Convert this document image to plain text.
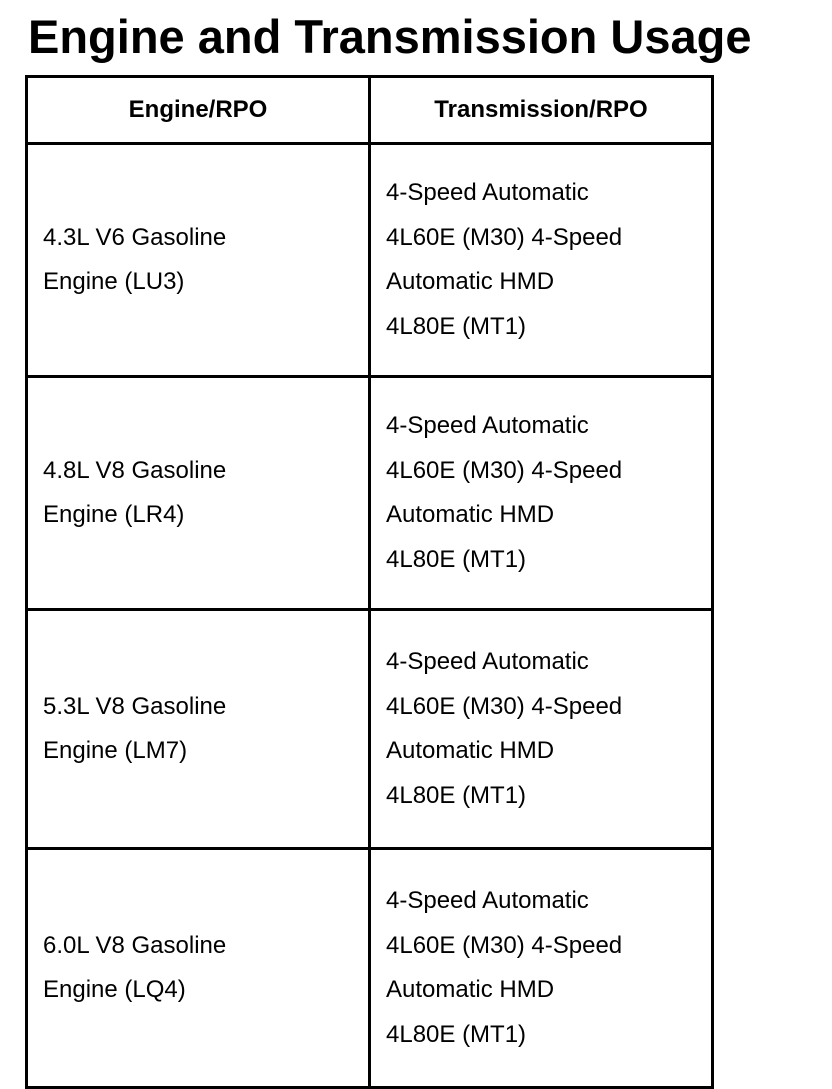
Engine and Transmission Usage
Engine/RPO	Transmission/RPO

4.3L V6 Gasoline
Engine (LU3)	4-Speed Automatic
4L60E (M30) 4-Speed
Automatic HMD
4L80E (MT1)

4.8L V8 Gasoline
Engine (LR4)	4-Speed Automatic
4L60E (M30) 4-Speed
Automatic HMD
4L80E (MT1)

5.3L V8 Gasoline
Engine (LM7)	4-Speed Automatic
4L60E (M30) 4-Speed
Automatic HMD
4L80E (MT1)

6.0L V8 Gasoline
Engine (LQ4)	4-Speed Automatic
4L60E (M30) 4-Speed
Automatic HMD
4L80E (MT1)
